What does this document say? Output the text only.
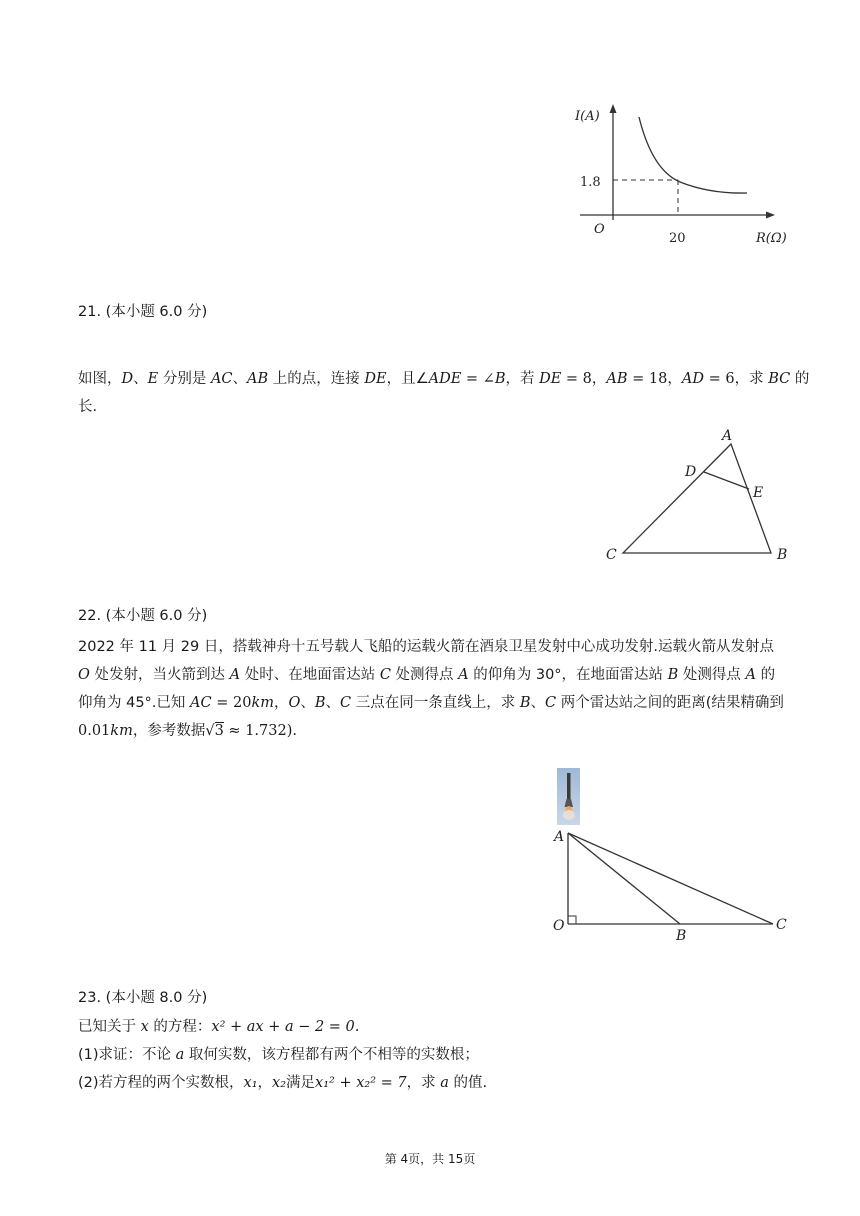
I(A)
R(Ω)
O
1.8
20
21. (本小题 6.0 分)
如图，D、E 分别是 AC、AB 上的点，连接 DE，且∠ADE = ∠B，若 DE = 8，AB = 18，AD = 6，求 BC 的
长.
A
D
E
C	B
22. (本小题 6.0 分)
2022 年 11 月 29 日，搭载神舟十五号载人飞船的运载火箭在酒泉卫星发射中心成功发射.运载火箭从发射点
O 处发射，当火箭到达 A 处时、在地面雷达站 C 处测得点 A 的仰角为 30°，在地面雷达站 B 处测得点 A 的
仰角为 45°.已知 AC = 20km，O、B、C 三点在同一条直线上，求 B、C 两个雷达站之间的距离(结果精确到
0.01km，参考数据√3 ≈ 1.732).
A
O
B
C
23. (本小题 8.0 分)
已知关于 x 的方程：x² + ax + a − 2 = 0.
(1)求证：不论 a 取何实数，该方程都有两个不相等的实数根；
(2)若方程的两个实数根，x₁，x₂满足x₁² + x₂² = 7，求 a 的值.
第 4页，共 15页
